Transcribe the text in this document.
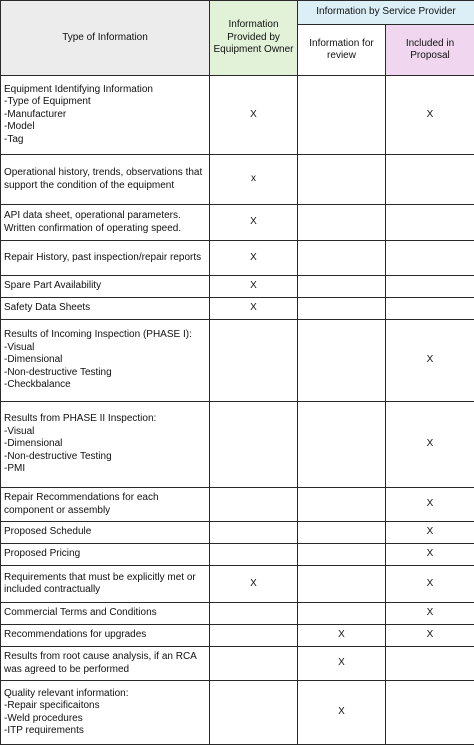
Type of Information	Information
Provided by
Equipment Owner	Information by Service Provider	
		Information for
review	Included in
Proposal
Equipment Identifying Information
-Type of Equipment
-Manufacturer
-Model
-Tag	X		X
Operational history, trends, observations that
support the condition of the equipment	x		
API data sheet, operational parameters.
Written confirmation of operating speed.	X		
Repair History, past inspection/repair reports	X		
Spare Part Availability	X		
Safety Data Sheets	X		
Results of Incoming Inspection (PHASE I):
-Visual
-Dimensional
-Non-destructive Testing
-Checkbalance			X
Results from PHASE II Inspection:
-Visual
-Dimensional
-Non-destructive Testing
-PMI			X
Repair Recommendations for each
component or assembly			X
Proposed Schedule			X
Proposed Pricing			X
Requirements that must be explicitly met or
included contractually	X		X
Commercial Terms and Conditions			X
Recommendations for upgrades		X	X
Results from root cause analysis, if an RCA
was agreed to be performed		X	
Quality relevant information:
-Repair specificaitons
-Weld procedures
-ITP requirements		X	
